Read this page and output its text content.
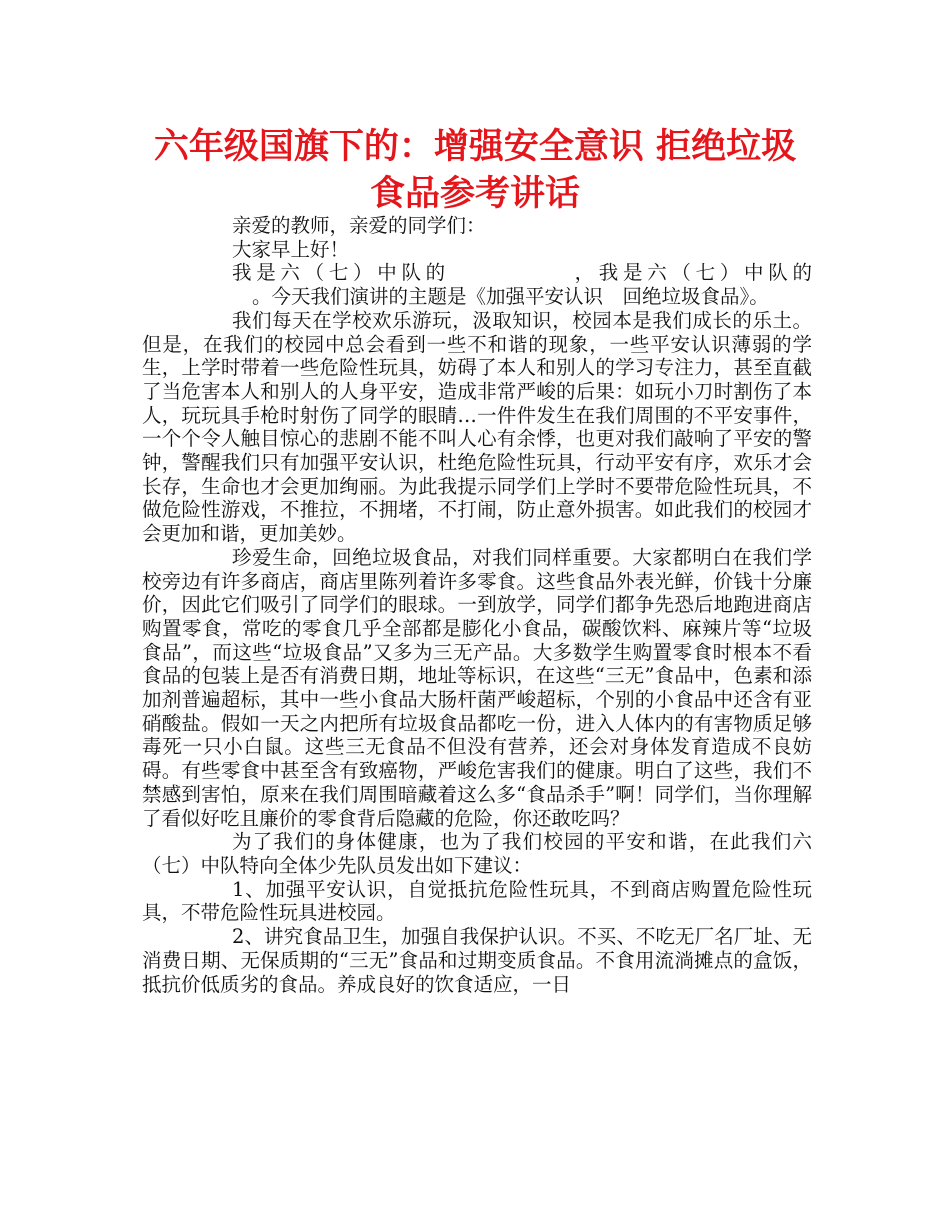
六年级国旗下的：增强安全意识 拒绝垃圾
食品参考讲话

亲爱的教师，亲爱的同学们：

大家早上好！

我是六（七）中队的	，我是六（七）中队的。今天我们演讲的主题是《加强平安认识　回绝垃圾食品》。

我们每天在学校欢乐游玩，汲取知识，校园本是我们成长的乐土。但是，在我们的校园中总会看到一些不和谐的现象，一些平安认识薄弱的学生，上学时带着一些危险性玩具，妨碍了本人和别人的学习专注力，甚至直截了当危害本人和别人的人身平安，造成非常严峻的后果：如玩小刀时割伤了本人，玩玩具手枪时射伤了同学的眼睛…一件件发生在我们周围的不平安事件，一个个令人触目惊心的悲剧不能不叫人心有余悸，也更对我们敲响了平安的警钟，警醒我们只有加强平安认识，杜绝危险性玩具，行动平安有序，欢乐才会长存，生命也才会更加绚丽。为此我提示同学们上学时不要带危险性玩具，不做危险性游戏，不推拉，不拥堵，不打闹，防止意外损害。如此我们的校园才会更加和谐，更加美妙。

珍爱生命，回绝垃圾食品，对我们同样重要。大家都明白在我们学校旁边有许多商店，商店里陈列着许多零食。这些食品外表光鲜，价钱十分廉价，因此它们吸引了同学们的眼球。一到放学，同学们都争先恐后地跑进商店购置零食，常吃的零食几乎全部都是膨化小食品，碳酸饮料、麻辣片等“垃圾食品”，而这些“垃圾食品”又多为三无产品。大多数学生购置零食时根本不看食品的包装上是否有消费日期，地址等标识，在这些“三无”食品中，色素和添加剂普遍超标，其中一些小食品大肠杆菌严峻超标，个别的小食品中还含有亚硝酸盐。假如一天之内把所有垃圾食品都吃一份，进入人体内的有害物质足够毒死一只小白鼠。这些三无食品不但没有营养，还会对身体发育造成不良妨碍。有些零食中甚至含有致癌物，严峻危害我们的健康。明白了这些，我们不禁感到害怕，原来在我们周围暗藏着这么多“食品杀手”啊！同学们，当你理解了看似好吃且廉价的零食背后隐藏的危险，你还敢吃吗？

为了我们的身体健康，也为了我们校园的平安和谐，在此我们六（七）中队特向全体少先队员发出如下建议：

1、加强平安认识，自觉抵抗危险性玩具，不到商店购置危险性玩具，不带危险性玩具进校园。

2、讲究食品卫生，加强自我保护认识。不买、不吃无厂名厂址、无消费日期、无保质期的“三无”食品和过期变质食品。不食用流淌摊点的盒饭，抵抗价低质劣的食品。养成良好的饮食适应，一日
